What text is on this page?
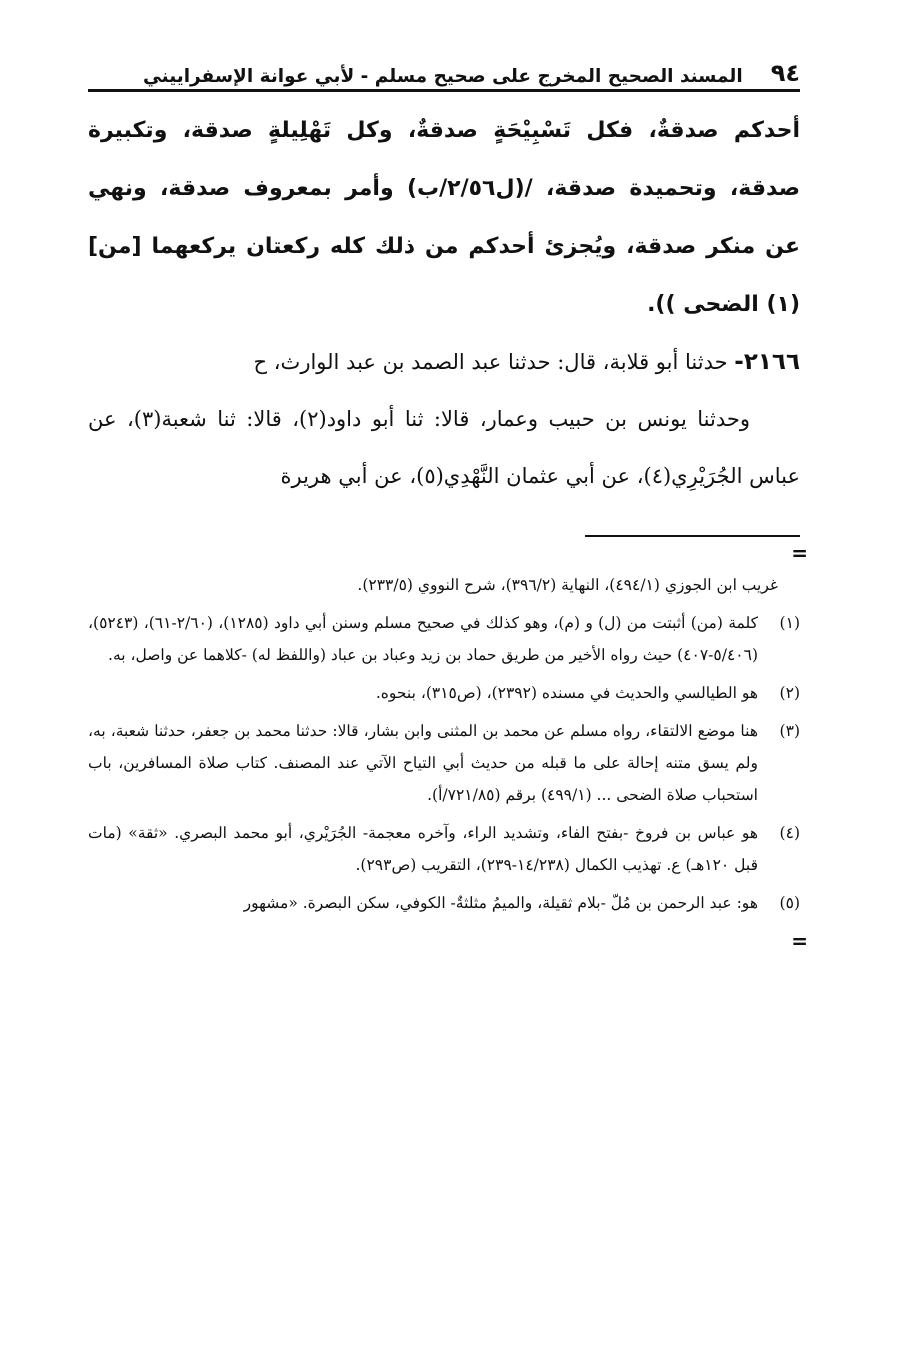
٩٤
المسند الصحيح المخرج على صحيح مسلم - لأبي عوانة الإسفراييني

أحدكم صدقةٌ، فكل تَسْبِيْحَةٍ صدقةٌ، وكل تَهْلِيلةٍ صدقة، وتكبيرة صدقة، وتحميدة صدقة، /(ل٢/٥٦/ب) وأمر بمعروف صدقة، ونهي عن منكر صدقة، ويُجزئ أحدكم من ذلك كله ركعتان يركعهما [من](١) الضحى )).

٢١٦٦- حدثنا أبو قلابة، قال: حدثنا عبد الصمد بن عبد الوارث، ح

وحدثنا يونس بن حبيب وعمار، قالا: ثنا أبو داود(٢)، قالا: ثنا شعبة(٣)، عن عباس الجُرَيْرِي(٤)، عن أبي عثمان النَّهْدِي(٥)، عن أبي هريرة

=

غريب ابن الجوزي (٤٩٤/١)، النهاية (٣٩٦/٢)، شرح النووي (٢٣٣/٥).

(١)كلمة (من) أثبتت من (ل) و (م)، وهو كذلك في صحيح مسلم وسنن أبي داود (١٢٨٥)، (٢/٦٠-٦١)، (٥٢٤٣)، (٥/٤٠٦-٤٠٧) حيث رواه الأخير من طريق حماد بن زيد وعباد بن عباد (واللفظ له) -كلاهما عن واصل، به.

(٢)هو الطيالسي والحديث في مسنده (٢٣٩٢)، (ص٣١٥)، بنحوه.

(٣)هنا موضع الالتقاء، رواه مسلم عن محمد بن المثنى وابن بشار، قالا: حدثنا محمد بن جعفر، حدثنا شعبة، به، ولم يسق متنه إحالة على ما قبله من حديث أبي التياح الآتي عند المصنف. كتاب صلاة المسافرين، باب استحباب صلاة الضحى ... (٤٩٩/١) برقم (٧٢١/٨٥/أ).

(٤)هو عباس بن فروخ -بفتح الفاء، وتشديد الراء، وآخره معجمة- الجُرَيْري، أبو محمد البصري. «ثقة» (مات قبل ١٢٠هـ) ع. تهذيب الكمال (١٤/٢٣٨-٢٣٩)، التقريب (ص٢٩٣).

(٥)هو: عبد الرحمن بن مُلّ -بلام ثقيلة، والميمُ مثلثةٌ- الكوفي، سكن البصرة. «مشهور

=
